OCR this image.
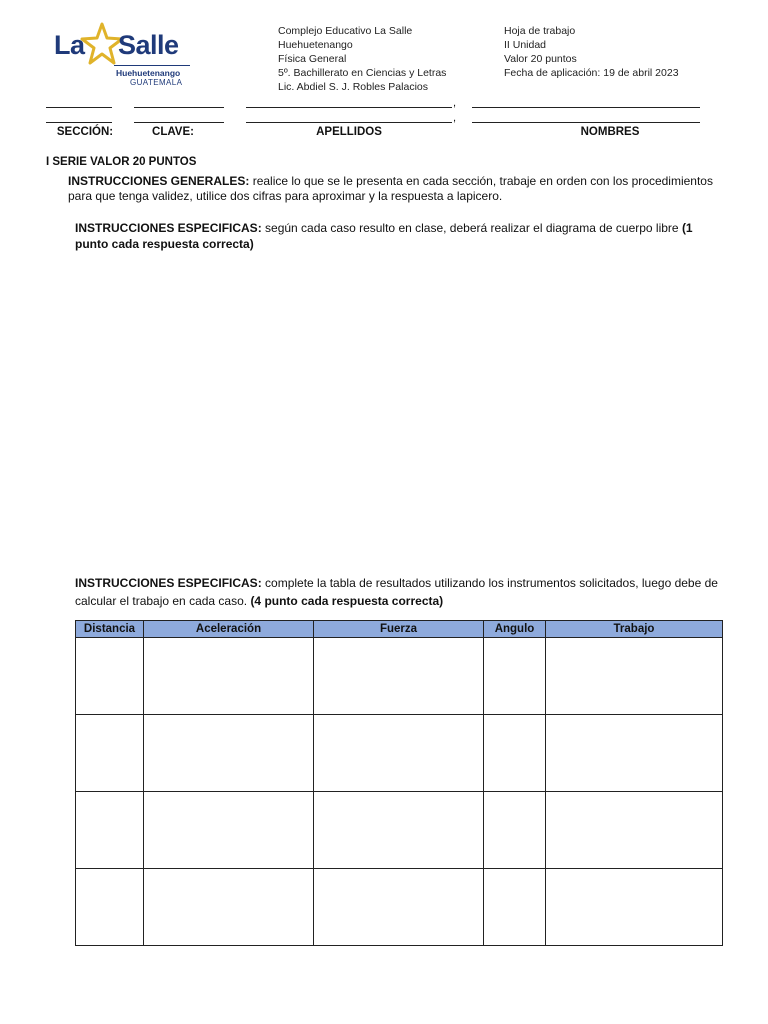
La Salle
Huehuetenango
GUATEMALA
Complejo Educativo La Salle
Huehuetenango
Física General
5º. Bachillerato en Ciencias y Letras
Lic. Abdiel S. J. Robles Palacios
Hoja de trabajo
II Unidad
Valor 20 puntos
Fecha de aplicación: 19 de abril 2023
,
,
SECCIÓN:	CLAVE:	APELLIDOS	NOMBRES
I SERIE VALOR 20 PUNTOS
INSTRUCCIONES GENERALES: realice lo que se le presenta en cada sección, trabaje en orden con los procedimientos para que tenga validez, utilice dos cifras para aproximar y la respuesta a lapicero.
INSTRUCCIONES ESPECIFICAS: según cada caso resulto en clase, deberá realizar el diagrama de cuerpo libre (1 punto cada respuesta correcta)
INSTRUCCIONES ESPECIFICAS: complete la tabla de resultados utilizando los instrumentos solicitados, luego debe de calcular el trabajo en cada caso. (4 punto cada respuesta correcta)
Distancia	Aceleración	Fuerza	Angulo	Trabajo
